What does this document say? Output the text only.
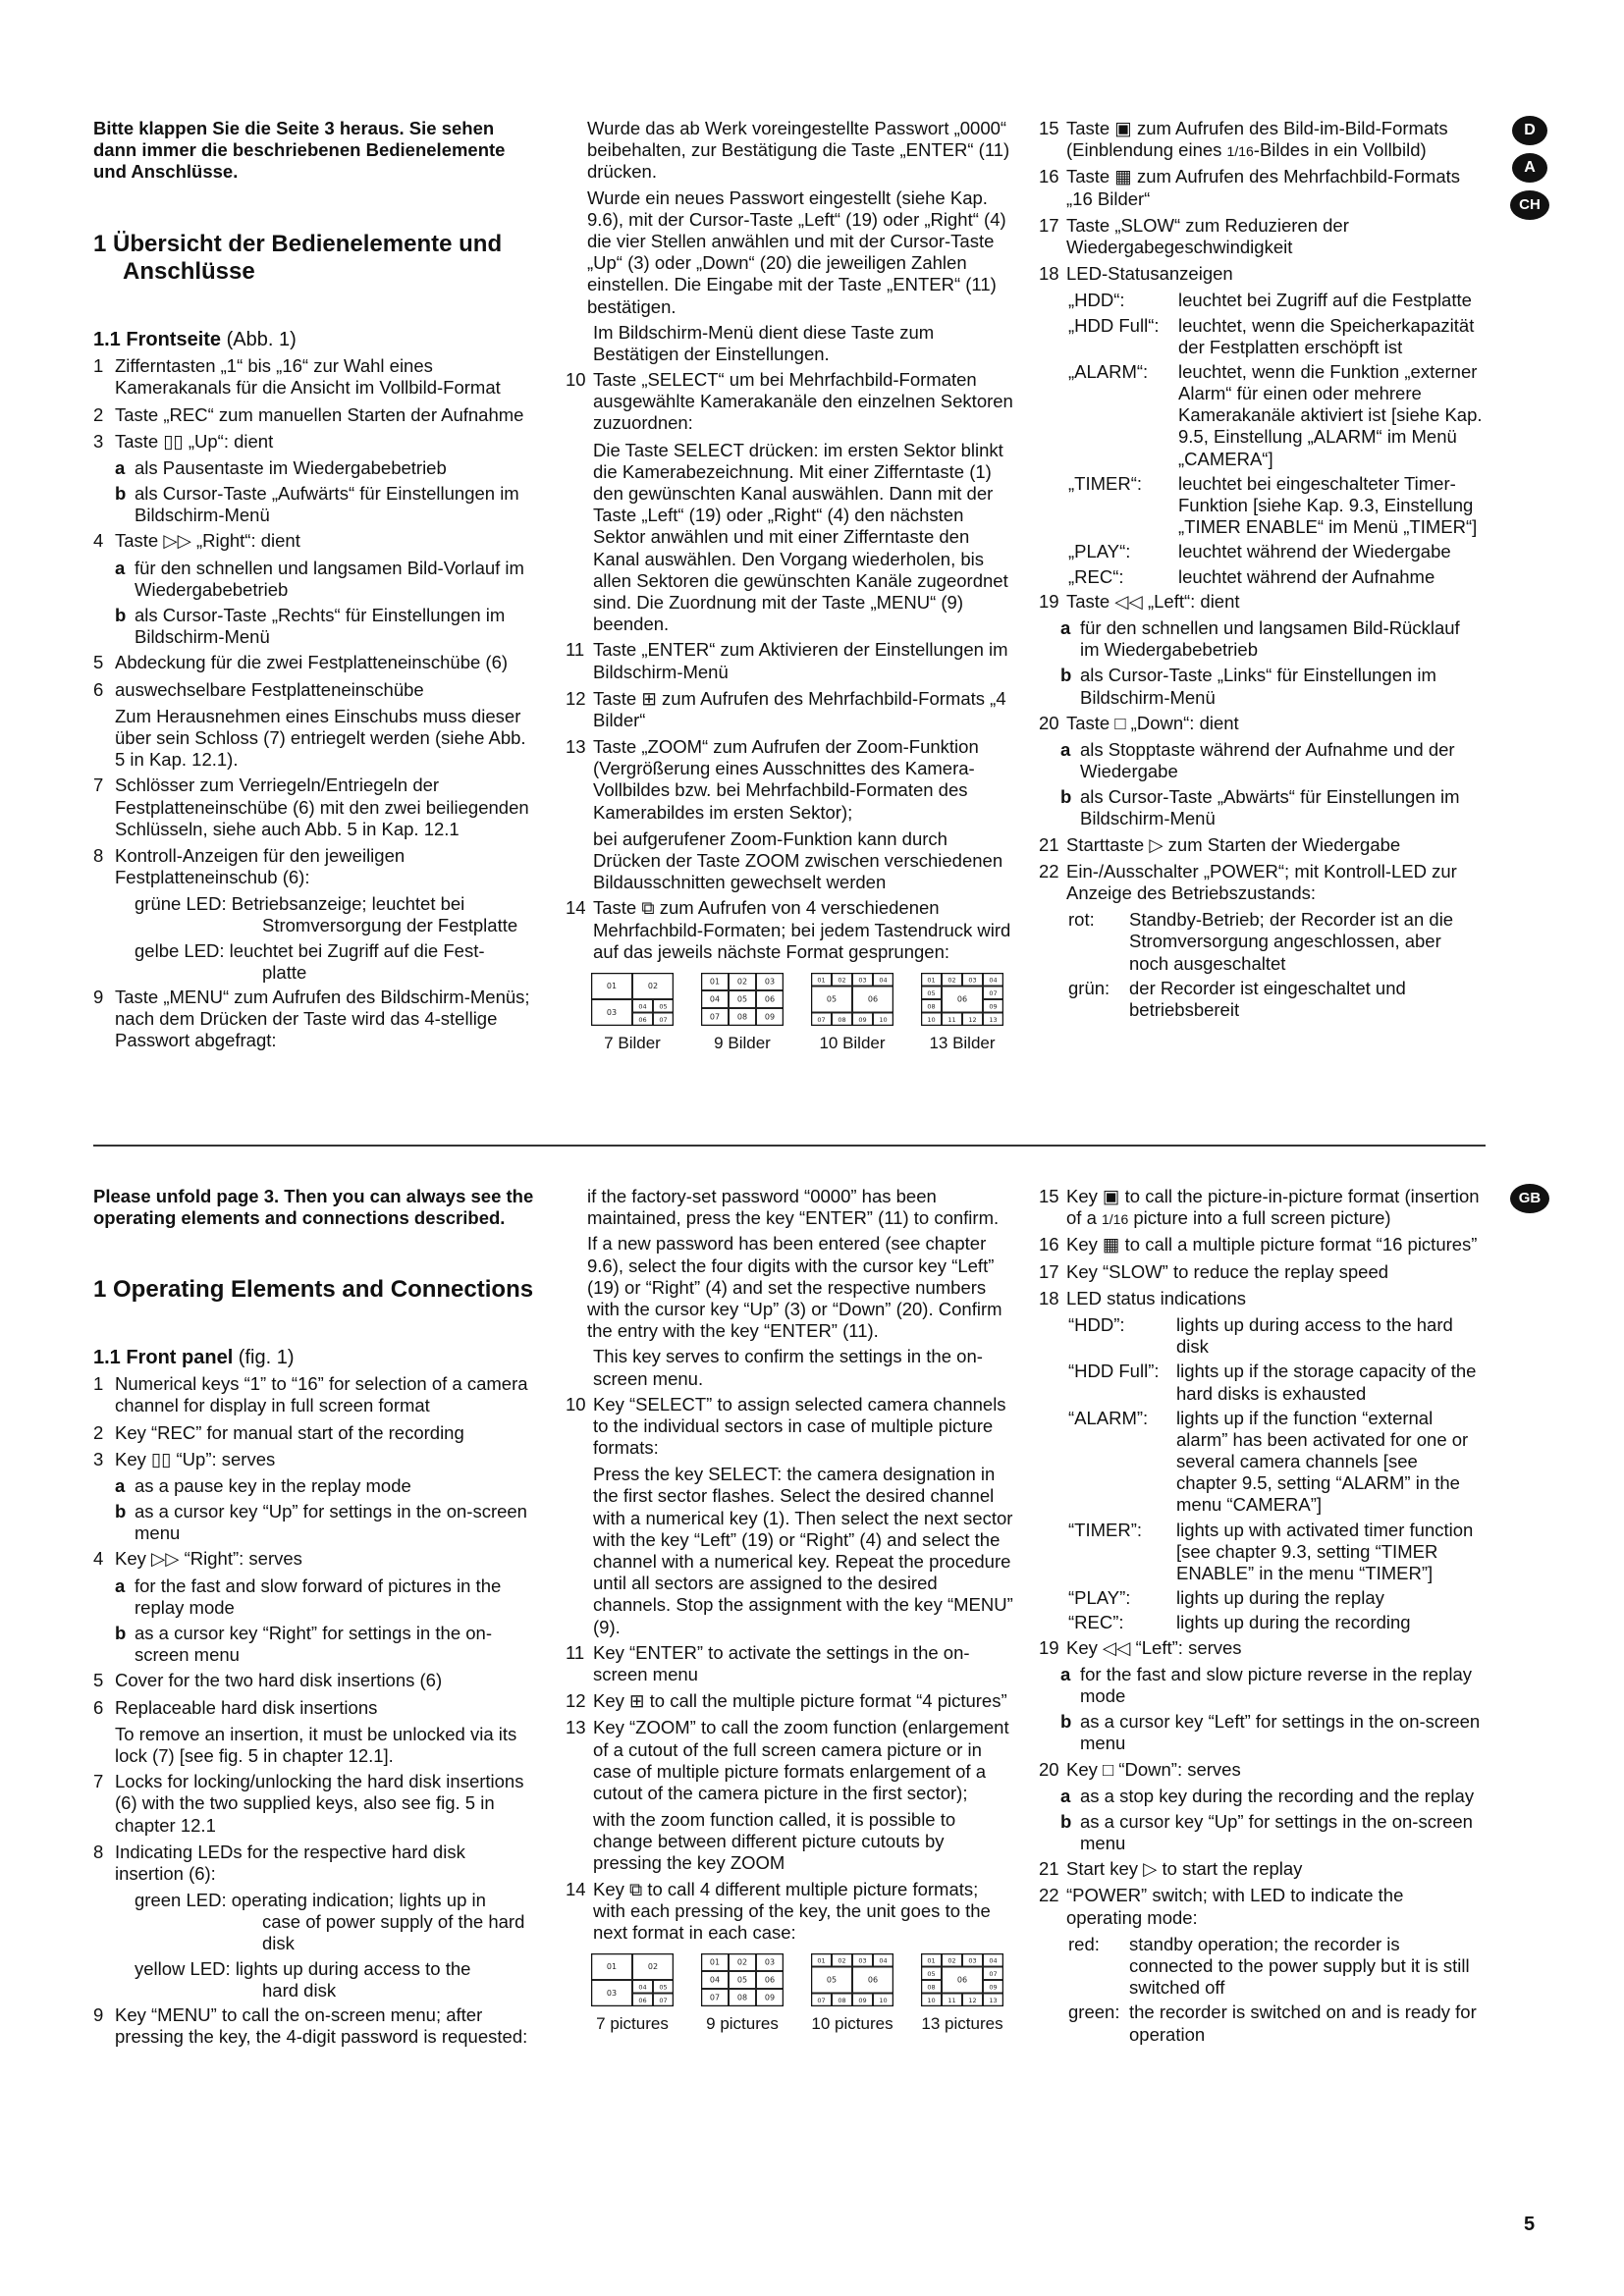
Bitte klappen Sie die Seite 3 heraus. Sie sehen dann immer die beschriebenen Bedienelemente und Anschlüsse.
1 Übersicht der Bedienelemente und Anschlüsse
1.1 Frontseite (Abb. 1)
1 Zifferntasten „1“ bis „16“ zur Wahl eines Kamerakanals für die Ansicht im Vollbild-Format
2 Taste „REC“ zum manuellen Starten der Aufnahme
3 Taste ▯▯ „Up“: dient
a als Pausentaste im Wiedergabebetrieb
b als Cursor-Taste „Aufwärts“ für Einstellungen im Bildschirm-Menü
4 Taste ▷▷ „Right“: dient
a für den schnellen und langsamen Bild-Vorlauf im Wiedergabebetrieb
b als Cursor-Taste „Rechts“ für Einstellungen im Bildschirm-Menü
5 Abdeckung für die zwei Festplatteneinschübe (6)
6 auswechselbare Festplatteneinschübe
Zum Herausnehmen eines Einschubs muss dieser über sein Schloss (7) entriegelt werden (siehe Abb. 5 in Kap. 12.1).
7 Schlösser zum Verriegeln/Entriegeln der Festplatteneinschübe (6) mit den zwei beiliegenden Schlüsseln, siehe auch Abb. 5 in Kap. 12.1
8 Kontroll-Anzeigen für den jeweiligen Festplatteneinschub (6):
grüne LED: Betriebsanzeige; leuchtet bei
Stromversorgung der Festplatte
gelbe LED: leuchtet bei Zugriff auf die Fest-
platte
9 Taste „MENU“ zum Aufrufen des Bildschirm-Menüs; nach dem Drücken der Taste wird das 4-stellige Passwort abgefragt:
Wurde das ab Werk voreingestellte Passwort „0000“ beibehalten, zur Bestätigung die Taste „ENTER“ (11) drücken.
Wurde ein neues Passwort eingestellt (siehe Kap. 9.6), mit der Cursor-Taste „Left“ (19) oder „Right“ (4) die vier Stellen anwählen und mit der Cursor-Taste „Up“ (3) oder „Down“ (20) die jeweiligen Zahlen einstellen. Die Eingabe mit der Taste „ENTER“ (11) bestätigen.
Im Bildschirm-Menü dient diese Taste zum Bestätigen der Einstellungen.
10 Taste „SELECT“ um bei Mehrfachbild-Formaten ausgewählte Kamerakanäle den einzelnen Sektoren zuzuordnen:
Die Taste SELECT drücken: im ersten Sektor blinkt die Kamerabezeichnung. Mit einer Zifferntaste (1) den gewünschten Kanal auswählen. Dann mit der Taste „Left“ (19) oder „Right“ (4) den nächsten Sektor anwählen und mit einer Zifferntaste den Kanal auswählen. Den Vorgang wiederholen, bis allen Sektoren die gewünschten Kanäle zugeordnet sind. Die Zuordnung mit der Taste „MENU“ (9) beenden.
11 Taste „ENTER“ zum Aktivieren der Einstellungen im Bildschirm-Menü
12 Taste ⊞ zum Aufrufen des Mehrfachbild-Formats „4 Bilder“
13 Taste „ZOOM“ zum Aufrufen der Zoom-Funktion (Vergrößerung eines Ausschnittes des Kamera-Vollbildes bzw. bei Mehrfachbild-Formaten des Kamerabildes im ersten Sektor);
bei aufgerufener Zoom-Funktion kann durch Drücken der Taste ZOOM zwischen verschiedenen Bildausschnitten gewechselt werden
14 Taste ⧉ zum Aufrufen von 4 verschiedenen Mehrfachbild-Formaten; bei jedem Tastendruck wird auf das jeweils nächste Format gesprungen:
01	02
03
04 05
06 07
7 Bilder
01 02 03
04 05 06
07 08 09
9 Bilder
01 02 03 04
05	06
07 08 09 10
10 Bilder
01 02 03 04
05
06
07
08	09
10 11 12 13
13 Bilder
15 Taste ▣ zum Aufrufen des Bild-im-Bild-Formats (Einblendung eines 1/16-Bildes in ein Vollbild)
16 Taste ▦ zum Aufrufen des Mehrfachbild-Formats „16 Bilder“
17 Taste „SLOW“ zum Reduzieren der Wiedergabegeschwindigkeit
18 LED-Statusanzeigen
„HDD“:	leuchtet bei Zugriff auf die Festplatte
„HDD Full“:	leuchtet, wenn die Speicherkapazität der Festplatten erschöpft ist
„ALARM“:	leuchtet, wenn die Funktion „externer Alarm“ für einen oder mehrere Kamerakanäle aktiviert ist [siehe Kap. 9.5, Einstellung „ALARM“ im Menü „CAMERA“]
„TIMER“:	leuchtet bei eingeschalteter Timer-Funktion [siehe Kap. 9.3, Einstellung „TIMER ENABLE“ im Menü „TIMER“]
„PLAY“:	leuchtet während der Wiedergabe
„REC“:	leuchtet während der Aufnahme
19 Taste ◁◁ „Left“: dient
a für den schnellen und langsamen Bild-Rücklauf im Wiedergabebetrieb
b als Cursor-Taste „Links“ für Einstellungen im Bildschirm-Menü
20 Taste □ „Down“: dient
a als Stopptaste während der Aufnahme und der Wiedergabe
b als Cursor-Taste „Abwärts“ für Einstellungen im Bildschirm-Menü
21 Starttaste ▷ zum Starten der Wiedergabe
22 Ein-/Ausschalter „POWER“; mit Kontroll-LED zur Anzeige des Betriebszustands:
rot:	Standby-Betrieb; der Recorder ist an die Stromversorgung angeschlossen, aber noch ausgeschaltet
grün:	der Recorder ist eingeschaltet und betriebsbereit
D
A
CH
Please unfold page 3. Then you can always see the operating elements and connections described.
1 Operating Elements and Connections
1.1 Front panel (fig. 1)
1 Numerical keys “1” to “16” for selection of a camera channel for display in full screen format
2 Key “REC” for manual start of the recording
3 Key ▯▯ “Up”: serves
a as a pause key in the replay mode
b as a cursor key “Up” for settings in the on-screen menu
4 Key ▷▷ “Right”: serves
a for the fast and slow forward of pictures in the replay mode
b as a cursor key “Right” for settings in the on-screen menu
5 Cover for the two hard disk insertions (6)
6 Replaceable hard disk insertions
To remove an insertion, it must be unlocked via its lock (7) [see fig. 5 in chapter 12.1].
7 Locks for locking/unlocking the hard disk insertions (6) with the two supplied keys, also see fig. 5 in chapter 12.1
8 Indicating LEDs for the respective hard disk insertion (6):
green LED: operating indication; lights up in
case of power supply of the hard disk
yellow LED: lights up during access to the
hard disk
9 Key “MENU” to call the on-screen menu; after pressing the key, the 4-digit password is requested:
if the factory-set password “0000” has been maintained, press the key “ENTER” (11) to confirm.
If a new password has been entered (see chapter 9.6), select the four digits with the cursor key “Left” (19) or “Right” (4) and set the respective numbers with the cursor key “Up” (3) or “Down” (20). Confirm the entry with the key “ENTER” (11).
This key serves to confirm the settings in the on-screen menu.
10 Key “SELECT” to assign selected camera channels to the individual sectors in case of multiple picture formats:
Press the key SELECT: the camera designation in the first sector flashes. Select the desired channel with a numerical key (1). Then select the next sector with the key “Left” (19) or “Right” (4) and select the channel with a numerical key. Repeat the procedure until all sectors are assigned to the desired channels. Stop the assignment with the key “MENU” (9).
11 Key “ENTER” to activate the settings in the on-screen menu
12 Key ⊞ to call the multiple picture format “4 pictures”
13 Key “ZOOM” to call the zoom function (enlargement of a cutout of the full screen camera picture or in case of multiple picture formats enlargement of a cutout of the camera picture in the first sector);
with the zoom function called, it is possible to change between different picture cutouts by pressing the key ZOOM
14 Key ⧉ to call 4 different multiple picture formats; with each pressing of the key, the unit goes to the next format in each case:
01	02
03
04 05
06 07
7 pictures
01 02 03
04 05 06
07 08 09
9 pictures
01 02 03 04
05	06
07 08 09 10
10 pictures
01 02 03 04
05
06
07
08	09
10 11 12 13
13 pictures
15 Key ▣ to call the picture-in-picture format (insertion of a 1/16 picture into a full screen picture)
16 Key ▦ to call a multiple picture format “16 pictures”
17 Key “SLOW” to reduce the replay speed
18 LED status indications
“HDD”:	lights up during access to the hard disk
“HDD Full”: lights up if the storage capacity of the hard disks is exhausted
“ALARM”:	lights up if the function “external alarm” has been activated for one or several camera channels [see chapter 9.5, setting “ALARM” in the menu “CAMERA”]
“TIMER”:	lights up with activated timer function [see chapter 9.3, setting “TIMER ENABLE” in the menu “TIMER”]
“PLAY”:	lights up during the replay
“REC”:	lights up during the recording
19 Key ◁◁ “Left”: serves
a for the fast and slow picture reverse in the replay mode
b as a cursor key “Left” for settings in the on-screen menu
20 Key □ “Down”: serves
a as a stop key during the recording and the replay
b as a cursor key “Up” for settings in the on-screen menu
21 Start key ▷ to start the replay
22 “POWER” switch; with LED to indicate the operating mode:
red:	standby operation; the recorder is connected to the power supply but it is still switched off
green: the recorder is switched on and is ready for operation
GB
5
